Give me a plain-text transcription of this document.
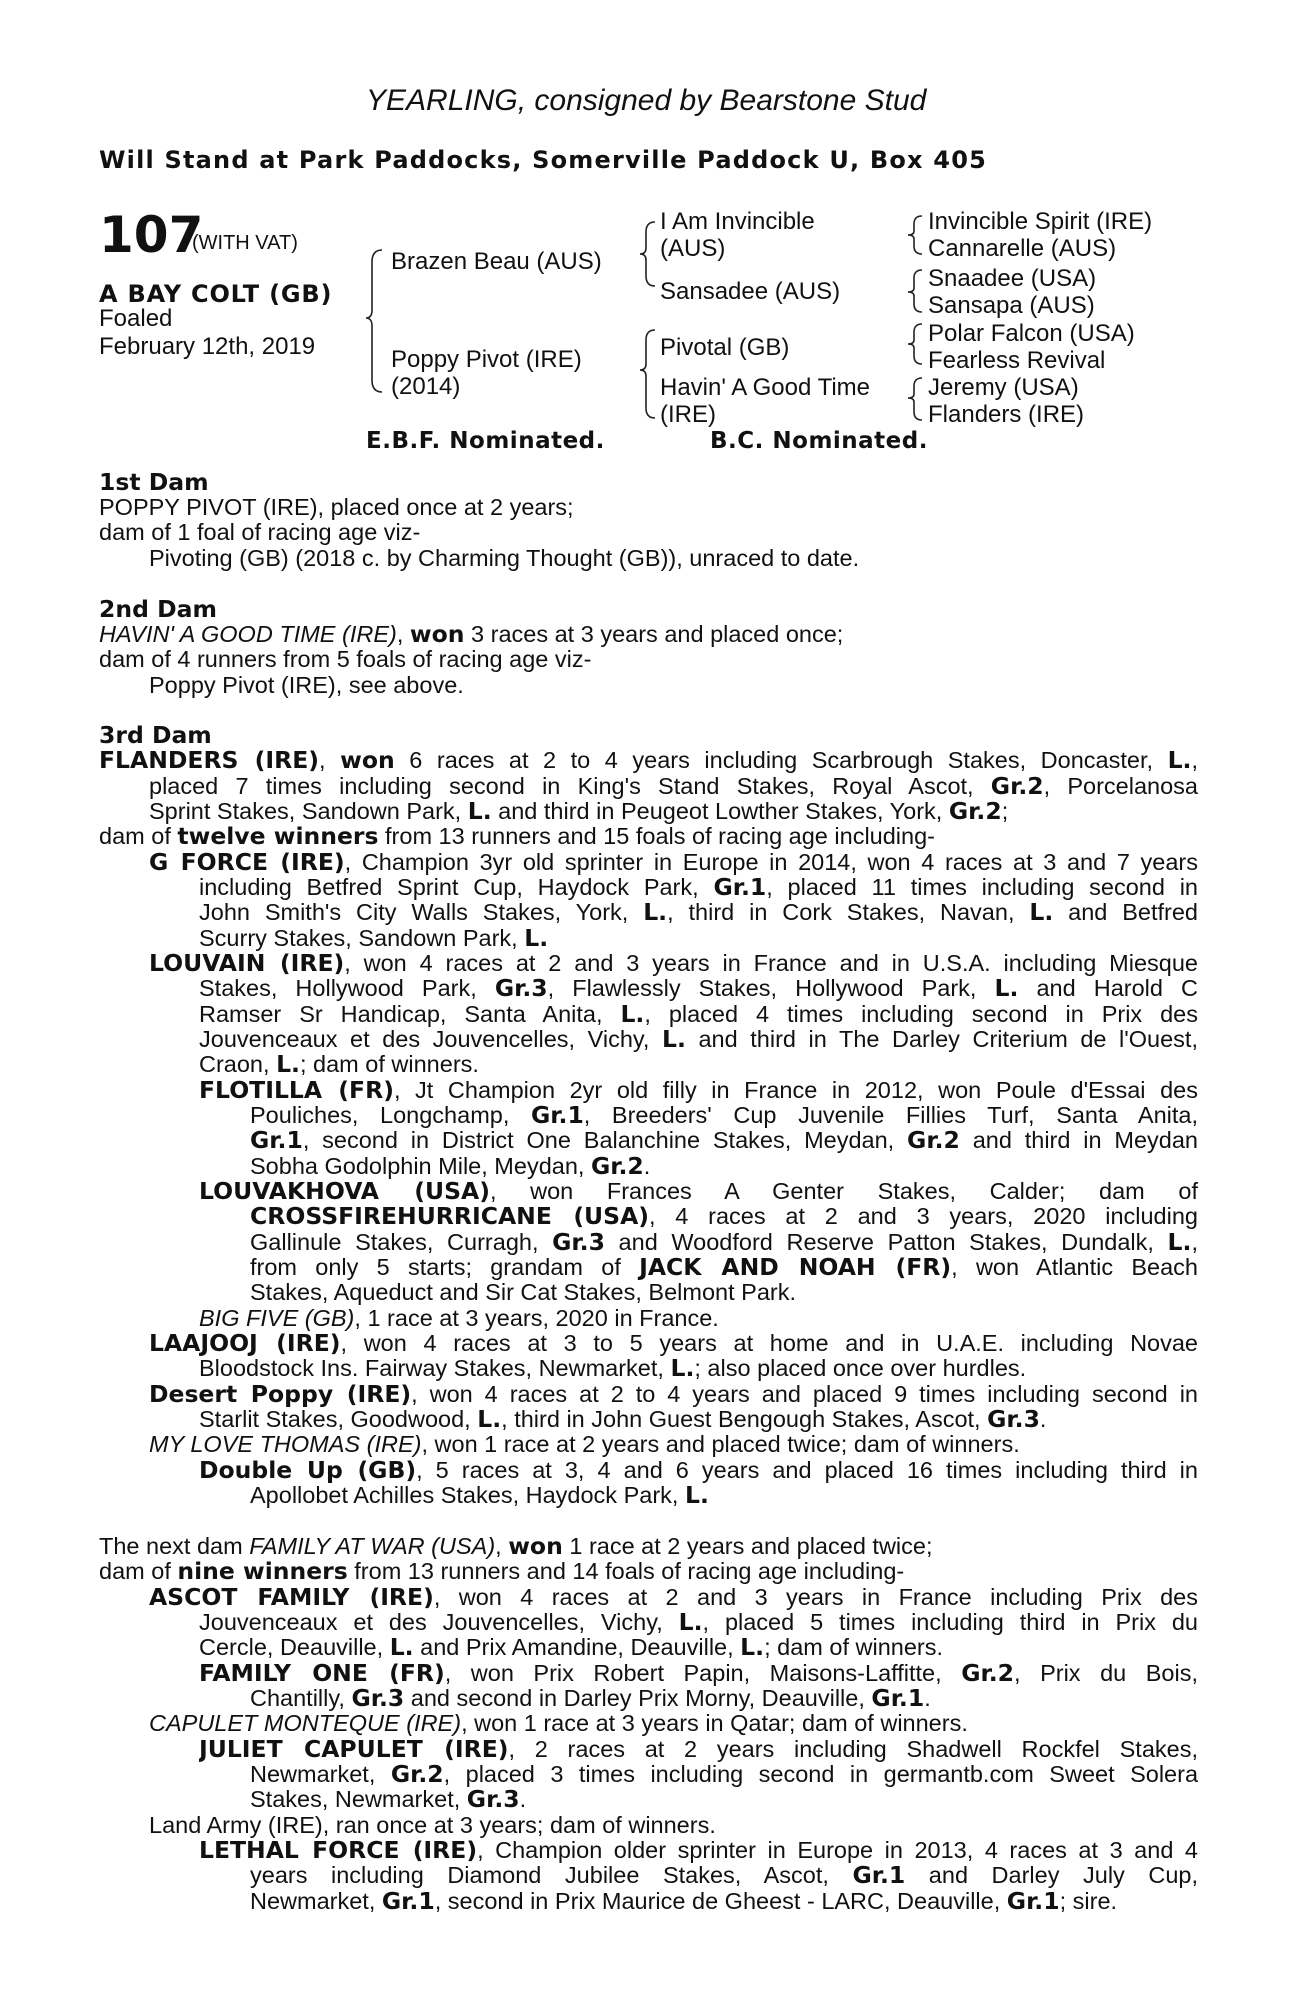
YEARLING, consigned by Bearstone Stud
Will Stand at Park Paddocks, Somerville Paddock U, Box 405
107
(WITH VAT)
A BAY COLT (GB)
Foaled
February 12th, 2019
Brazen Beau (AUS)
Poppy Pivot (IRE)
(2014)
I Am Invincible
(AUS)
Sansadee (AUS)
Pivotal (GB)
Havin' A Good Time
(IRE)
Invincible Spirit (IRE)
Cannarelle (AUS)
Snaadee (USA)
Sansapa (AUS)
Polar Falcon (USA)
Fearless Revival
Jeremy (USA)
Flanders (IRE)
E.B.F. Nominated.	B.C. Nominated.
1st Dam
POPPY PIVOT (IRE), placed once at 2 years;
dam of 1 foal of racing age viz-
Pivoting (GB) (2018 c. by Charming Thought (GB)), unraced to date.
2nd Dam
HAVIN' A GOOD TIME (IRE), won 3 races at 3 years and placed once;
dam of 4 runners from 5 foals of racing age viz-
Poppy Pivot (IRE), see above.
3rd Dam
FLANDERS (IRE), won 6 races at 2 to 4 years including Scarbrough Stakes, Doncaster, L.,
placed 7 times including second in King's Stand Stakes, Royal Ascot, Gr.2, Porcelanosa
Sprint Stakes, Sandown Park, L. and third in Peugeot Lowther Stakes, York, Gr.2;
dam of twelve winners from 13 runners and 15 foals of racing age including-
G FORCE (IRE), Champion 3yr old sprinter in Europe in 2014, won 4 races at 3 and 7 years
including Betfred Sprint Cup, Haydock Park, Gr.1, placed 11 times including second in
John Smith's City Walls Stakes, York, L., third in Cork Stakes, Navan, L. and Betfred
Scurry Stakes, Sandown Park, L.
LOUVAIN (IRE), won 4 races at 2 and 3 years in France and in U.S.A. including Miesque
Stakes, Hollywood Park, Gr.3, Flawlessly Stakes, Hollywood Park, L. and Harold C
Ramser Sr Handicap, Santa Anita, L., placed 4 times including second in Prix des
Jouvenceaux et des Jouvencelles, Vichy, L. and third in The Darley Criterium de l'Ouest,
Craon, L.; dam of winners.
FLOTILLA (FR), Jt Champion 2yr old filly in France in 2012, won Poule d'Essai des
Pouliches, Longchamp, Gr.1, Breeders' Cup Juvenile Fillies Turf, Santa Anita,
Gr.1, second in District One Balanchine Stakes, Meydan, Gr.2 and third in Meydan
Sobha Godolphin Mile, Meydan, Gr.2.
LOUVAKHOVA (USA), won Frances A Genter Stakes, Calder; dam of
CROSSFIREHURRICANE (USA), 4 races at 2 and 3 years, 2020 including
Gallinule Stakes, Curragh, Gr.3 and Woodford Reserve Patton Stakes, Dundalk, L.,
from only 5 starts; grandam of JACK AND NOAH (FR), won Atlantic Beach
Stakes, Aqueduct and Sir Cat Stakes, Belmont Park.
BIG FIVE (GB), 1 race at 3 years, 2020 in France.
LAAJOOJ (IRE), won 4 races at 3 to 5 years at home and in U.A.E. including Novae
Bloodstock Ins. Fairway Stakes, Newmarket, L.; also placed once over hurdles.
Desert Poppy (IRE), won 4 races at 2 to 4 years and placed 9 times including second in
Starlit Stakes, Goodwood, L., third in John Guest Bengough Stakes, Ascot, Gr.3.
MY LOVE THOMAS (IRE), won 1 race at 2 years and placed twice; dam of winners.
Double Up (GB), 5 races at 3, 4 and 6 years and placed 16 times including third in
Apollobet Achilles Stakes, Haydock Park, L.
The next dam FAMILY AT WAR (USA), won 1 race at 2 years and placed twice;
dam of nine winners from 13 runners and 14 foals of racing age including-
ASCOT FAMILY (IRE), won 4 races at 2 and 3 years in France including Prix des
Jouvenceaux et des Jouvencelles, Vichy, L., placed 5 times including third in Prix du
Cercle, Deauville, L. and Prix Amandine, Deauville, L.; dam of winners.
FAMILY ONE (FR), won Prix Robert Papin, Maisons-Laffitte, Gr.2, Prix du Bois,
Chantilly, Gr.3 and second in Darley Prix Morny, Deauville, Gr.1.
CAPULET MONTEQUE (IRE), won 1 race at 3 years in Qatar; dam of winners.
JULIET CAPULET (IRE), 2 races at 2 years including Shadwell Rockfel Stakes,
Newmarket, Gr.2, placed 3 times including second in germantb.com Sweet Solera
Stakes, Newmarket, Gr.3.
Land Army (IRE), ran once at 3 years; dam of winners.
LETHAL FORCE (IRE), Champion older sprinter in Europe in 2013, 4 races at 3 and 4
years including Diamond Jubilee Stakes, Ascot, Gr.1 and Darley July Cup,
Newmarket, Gr.1, second in Prix Maurice de Gheest - LARC, Deauville, Gr.1; sire.
